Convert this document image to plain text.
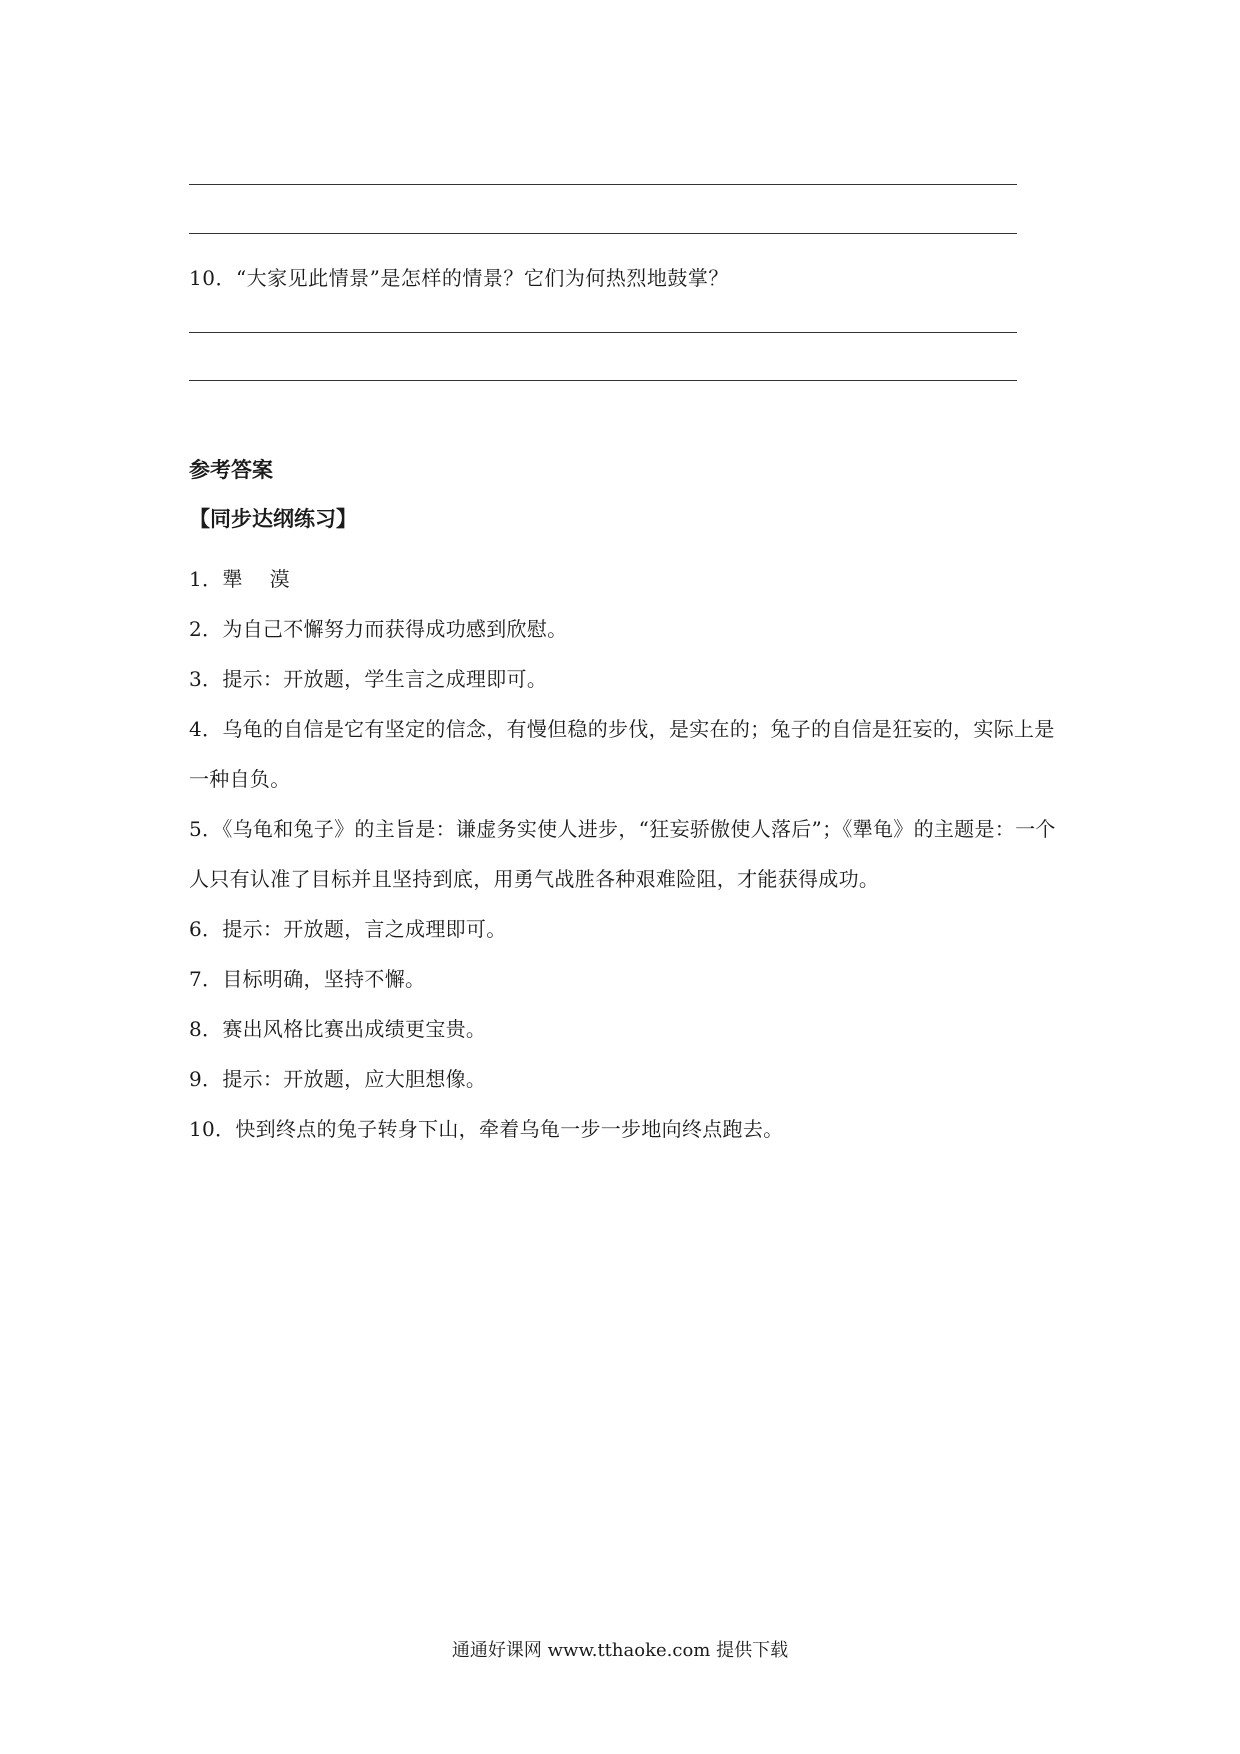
10．“大家见此情景”是怎样的情景？它们为何热烈地鼓掌？
参考答案
【同步达纲练习】

1．犟　 漠

2．为自己不懈努力而获得成功感到欣慰。

3．提示：开放题，学生言之成理即可。

4．乌龟的自信是它有坚定的信念，有慢但稳的步伐，是实在的；兔子的自信是狂妄的，实际上是一种自负。

5．《乌龟和兔子》的主旨是：谦虚务实使人进步，“狂妄骄傲使人落后”；《犟龟》的主题是：一个人只有认准了目标并且坚持到底，用勇气战胜各种艰难险阻，才能获得成功。

6．提示：开放题，言之成理即可。

7．目标明确，坚持不懈。

8．赛出风格比赛出成绩更宝贵。

9．提示：开放题，应大胆想像。

10．快到终点的兔子转身下山，牵着乌龟一步一步地向终点跑去。

通通好课网 www.tthaoke.com 提供下载
